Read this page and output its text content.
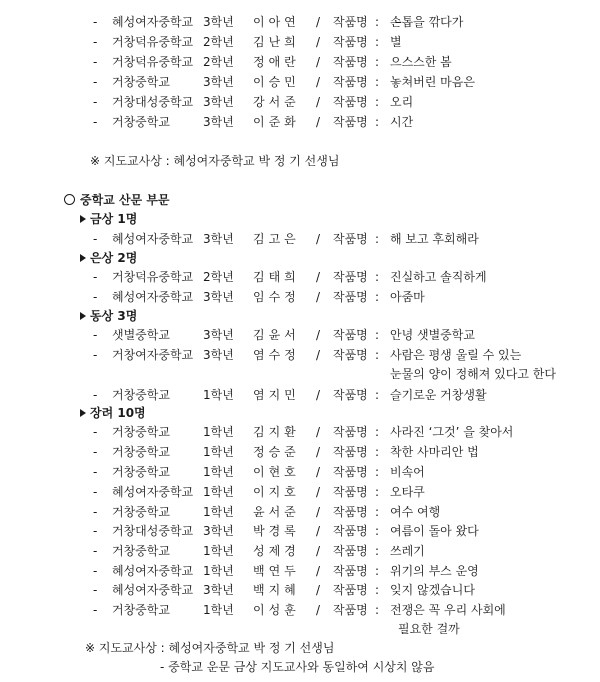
- 혜성여자중학교 3학년 이아연 / 작품명 : 손톱을 깎다가
- 거창덕유중학교 2학년 김난희 / 작품명 : 별
- 거창덕유중학교 2학년 정애란 / 작품명 : 으스스한 봄
- 거창중학교	3학년 이승민 / 작품명 : 놓쳐버린 마음은
- 거창대성중학교 3학년 강서준 / 작품명 : 오리
- 거창중학교	3학년 이준화 / 작품명 : 시간
※ 지도교사상 : 혜성여자중학교 박 정 기 선생님
중학교 산문 부문
금상 1명
- 혜성여자중학교 3학년 김고은 / 작품명 : 해 보고 후회해라
은상 2명
- 거창덕유중학교 2학년 김태희 / 작품명 : 진실하고 솔직하게
- 혜성여자중학교 3학년 임수정 / 작품명 : 아줌마
동상 3명
- 샛별중학교	3학년 김윤서 / 작품명 : 안녕 샛별중학교
- 거창여자중학교 3학년 염수정 / 작품명 : 사람은 평생 울릴 수 있는
눈물의 양이 정해져 있다고 한다
- 거창중학교	1학년 염지민 / 작품명 : 슬기로운 거창생활
장려 10명
- 거창중학교	1학년 김지환 / 작품명 : 사라진 ‘그것’ 을 찾아서
- 거창중학교	1학년 정승준 / 작품명 : 착한 사마리안 법
- 거창중학교	1학년 이현호 / 작품명 : 비속어
- 혜성여자중학교 1학년 이지호 / 작품명 : 오타쿠
- 거창중학교	1학년 윤서준 / 작품명 : 여수 여행
- 거창대성중학교 3학년 박경록 / 작품명 : 여름이 돌아 왔다
- 거창중학교	1학년 성제경 / 작품명 : 쓰레기
- 혜성여자중학교 1학년 백연두 / 작품명 : 위기의 부스 운영
- 혜성여자중학교 3학년 백지혜 / 작품명 : 잊지 않겠습니다
- 거창중학교	1학년 이성훈 / 작품명 : 전쟁은 꼭 우리 사회에
필요한 걸까
※ 지도교사상 : 혜성여자중학교 박 정 기 선생님
- 중학교 운문 금상 지도교사와 동일하여 시상치 않음
